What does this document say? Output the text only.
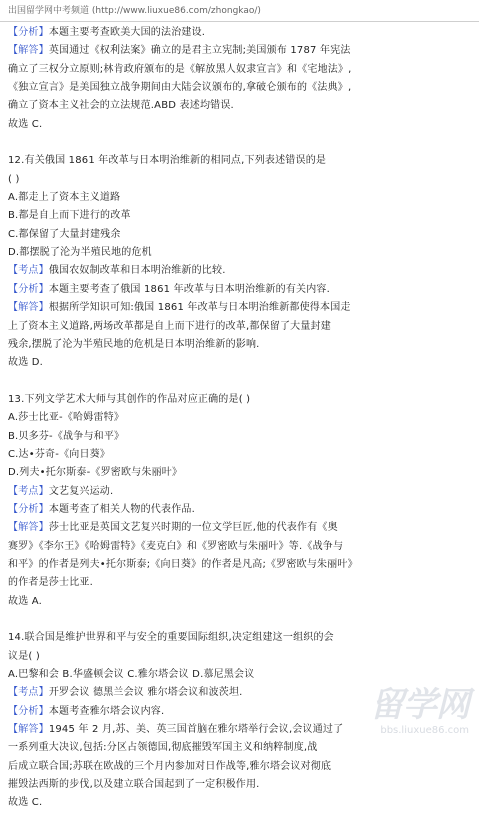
出国留学网中考频道 (http://www.liuxue86.com/zhongkao/)
【分析】本题主要考查欧美大国的法治建设.
【解答】英国通过《权利法案》确立的是君主立宪制;美国颁布 1787 年宪法
确立了三权分立原则;林肯政府颁布的是《解放黑人奴隶宣言》和《宅地法》,
《独立宣言》是美国独立战争期间由大陆会议颁布的,拿破仑颁布的《法典》,
确立了资本主义社会的立法规范.ABD 表述均错误.
故选 C.
12.有关俄国 1861 年改革与日本明治维新的相同点,下列表述错误的是
( )
A.都走上了资本主义道路
B.都是自上而下进行的改革
C.都保留了大量封建残余
D.都摆脱了沦为半殖民地的危机
【考点】俄国农奴制改革和日本明治维新的比较.
【分析】本题主要考查了俄国 1861 年改革与日本明治维新的有关内容.
【解答】根据所学知识可知:俄国 1861 年改革与日本明治维新都使得本国走
上了资本主义道路,两场改革都是自上而下进行的改革,都保留了大量封建
残余,摆脱了沦为半殖民地的危机是日本明治维新的影响.
故选 D.
13.下列文学艺术大师与其创作的作品对应正确的是( )
A.莎士比亚-《哈姆雷特》
B.贝多芬-《战争与和平》
C.达•芬奇-《向日葵》
D.列夫•托尔斯泰-《罗密欧与朱丽叶》
【考点】文艺复兴运动.
【分析】本题考查了相关人物的代表作品.
【解答】莎士比亚是英国文艺复兴时期的一位文学巨匠,他的代表作有《奥
赛罗》《李尔王》《哈姆雷特》《麦克白》和《罗密欧与朱丽叶》等.《战争与
和平》的作者是列夫•托尔斯泰;《向日葵》的作者是凡高;《罗密欧与朱丽叶》
的作者是莎士比亚.
故选 A.
14.联合国是维护世界和平与安全的重要国际组织,决定组建这一组织的会
议是( )
A.巴黎和会 B.华盛顿会议 C.雅尔塔会议 D.慕尼黑会议
【考点】开罗会议 德黑兰会议 雅尔塔会议和波茨坦.
【分析】本题考查雅尔塔会议内容.
【解答】1945 年 2 月,苏、美、英三国首脑在雅尔塔举行会议,会议通过了
一系列重大决议,包括:分区占领德国,彻底摧毁军国主义和纳粹制度,战
后成立联合国;苏联在欧战的三个月内参加对日作战等,雅尔塔会议对彻底
摧毁法西斯的步伐,以及建立联合国起到了一定积极作用.
故选 C.
留学网
bbs.liuxue86.com
